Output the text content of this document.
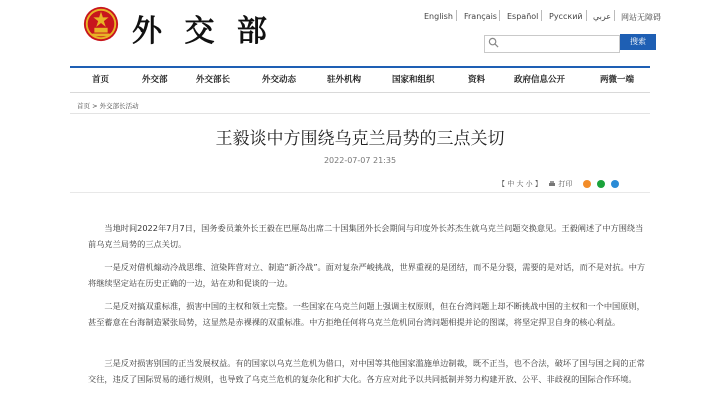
外 交 部	English Français Español Русский عربي 网站无障碍
搜索
首页	外交部	外交部长	外交动态	驻外机构	国家和组织	资料	政府信息公开	两微一端
首页 > 外交部长活动
王毅谈中方围绕乌克兰局势的三点关切
2022-07-07 21:35
【 中 大 小 】 打印
当地时间2022年7月7日，国务委员兼外长王毅在巴厘岛出席二十国集团外长会期间与印度外长苏杰生就乌克兰问题交换意见。王毅阐述了中方围绕当前乌克兰局势的三点关切。
一是反对借机煽动冷战思维、渲染阵营对立、制造“新冷战”。面对复杂严峻挑战，世界重视的是团结，而不是分裂，需要的是对话，而不是对抗。中方将继续坚定站在历史正确的一边，站在劝和促谈的一边。
二是反对搞双重标准，损害中国的主权和领土完整。一些国家在乌克兰问题上强调主权原则，但在台湾问题上却不断挑战中国的主权和一个中国原则，甚至蓄意在台海制造紧张局势，这显然是赤裸裸的双重标准。中方拒绝任何将乌克兰危机同台湾问题相提并论的图谋，将坚定捍卫自身的核心利益。
三是反对损害别国的正当发展权益。有的国家以乌克兰危机为借口，对中国等其他国家滥施单边制裁，既不正当，也不合法，破坏了国与国之间的正常交往，违反了国际贸易的通行规则，也导致了乌克兰危机的复杂化和扩大化。各方应对此予以共同抵制并努力构建开放、公平、非歧视的国际合作环境。
